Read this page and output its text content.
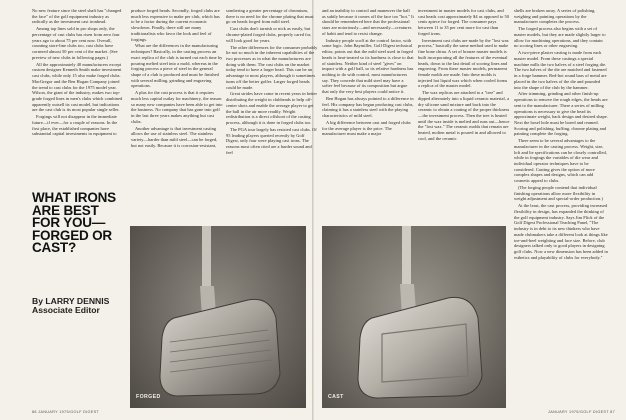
No new feature since the steel shaft has "changed the face" of the golf equipment industry as radically as the investment cast ironhead.

Among top lines sold in pro shops only, the percentage of cast clubs has risen from zero four years ago to about 75 per cent now. Overall, counting store-line clubs too, cast clubs have cornered almost 50 per cent of the market. (See preview of new clubs in following pages.)

All the approximately 40 manufacturers except custom designer Kenneth Smith make investment cast clubs, while only 15 also make forged clubs. MacGregor and the Ben Hogan Company joined the trend to cast clubs for the 1975 model year. Wilson, the giant of the industry, makes two top-grade forged lines in men's clubs which combined apparently outsell its cast model, but indications are the cast club is its most popular single seller.

Forgings will not disappear in the immediate future—if ever—for a couple of reasons. In the first place, the established companies have substantial capital investments in equipment to

produce forged heads. Secondly, forged clubs are much less expensive to make per club, which has to be a factor during the current economic slowdown. Finally, there still are many traditionalists who favor the look and feel of forgings.

What are the differences in the manufacturing techniques? Basically, in the casting process an exact replica of the club is turned out each time by pouring melted steel into a mold, whereas in the forging process a piece of steel in the general shape of a club is produced and must be finished with several milling, grinding and engraving operations.

A plus for the cast process is that it requires much less capital outlay for machinery, the reason so many new companies have been able to get into the business. No company that has gone into golf in the last three years makes anything but cast clubs.

Another advantage is that investment casting allows the use of stainless steel. The stainless variety—harder than mild steel—can be forged, but not easily. Because it is corrosion-resistant,

sombering a greater percentage of chromium, there is no need for the chrome plating that must go on heads forged from mild steel.

Cast clubs don't tarnish or nick as easily, but chrome-plated forged clubs, properly cared for, will look good for years.

The other differences for the consumer probably lie not so much in the inherent capabilities of the two processes as in what the manufacturers are doing with them. The cast clubs on the market today tend to have a larger head. This can be an advantage to most players, although it sometimes turns off the better golfer. Larger forged heads could be made.

Great strides have come in recent years in better distributing the weight in clubheads to help off-center shots and enable the average player to get the ball in the air more readily. Weight redistribution is a direct offshoot of the casting process, although it is done in forged clubs too.

The PGA tour largely has resisted cast clubs. Of 95 leading players queried recently by Golf Digest, only four were playing cast irons. The reasons most often cited are a harder sound and feel

and an inability to control and maneuver the ball as subtly because it comes off the face too "hot." It should be remembered here that the professional stars are notoriously—and necessarily—creatures of habit and tend to resist change.

Industry people scoff at the control factor, with some logic. John Baymiller, Golf Digest technical editor, points out that the mild steel used in forged heads is heat-treated so its hardness is close to that of stainless. Neither kind of steel "gives" on impact with a golf ball, so its relative hardness has nothing to do with control, most manufacturers say. They concede that mild steel may have a softer feel because of its composition but argue that only the very best players could notice it.

Ben Hogan has always pointed to a difference in feel. His company has begun producing cast clubs, claiming it has a stainless steel with the playing characteristics of mild steel.

A big difference between cast and forged clubs for the average player is the price. The manufacturer must make a major

investment in master models for cast clubs, and cast heads cost approximately $4 as opposed to 50 cents apiece for forged. The consumer pays between 11 to 35 per cent more for cast than forged irons.

Investment cast clubs are made by the "lost wax process," basically the same method used to make fine bone china. A set of bronze master models is built incorporating all the features of the eventual heads, down to the last detail of scoring lines and engraving. From these master models, permanent female molds are made. Into these molds is injected hot liquid wax which when cooled forms a replica of the master model.

The wax replicas are attached to a "tree" and dipped alternately into a liquid ceramic material, a dry silicone sand mixture and back into the ceramic to obtain a coating of the proper thickness—the investment process. Then the tree is heated until the wax inside is melted and runs out—hence the "lost wax." The ceramic molds that remain are heated, molten metal is poured in and allowed to cool, and the ceramic

shells are broken away. A series of polishing, weighing and painting operations by the manufacturer completes the process.

The forged process also begins with a set of master models, but they are made slightly larger to allow for machining operations, and they contain no scoring lines or other engraving.

A two-piece plaster casting is made from each master model. From these castings a special machine mills the two halves of a steel forging die. The two halves of the die are matched and fastened in a forge hammer. Red-hot round bars of metal are placed in the two halves of the die and pounded into the shape of the club by the hammer.

After trimming, grinding and other finish-up operations to remove the rough edges, the heads are sent to the manufacturer. There a series of milling operations is necessary to give the head its approximate weight, back design and desired shape. Next the hosel hole must be bored and reamed. Scoring and polishing, buffing, chrome plating and painting complete the forging.

There seem to be several advantages to the manufacturer in the casting process. Weight, size, loft and lie specifications can be closely controlled, while in forgings the variables of die wear and individual operator techniques have to be considered. Casting gives the option of more complex shapes and designs, which can add cosmetic appeal to clubs.

(The forging people contend that individual finishing operations allow more flexibility in weight adjustment and special-order production.)

At the least, the cast process, providing increased flexibility in design, has expanded the thinking of the golf equipment industry. Says Jim Flick of the Golf Digest Professional Teaching Panel, "The industry is in debt to its new thinkers who have made clubmakers take a different look at things like toe-and-heel weighting and face size. Before, club designers talked only to good players in designing golf clubs. Now a new dimension has been added in esthetics and playability of clubs for everybody."

WHAT IRONS ARE BEST FOR YOU— FORGED OR CAST?
By LARRY DENNIS
Associate Editor
FORGED	CAST
86 JANUARY 1975/GOLF DIGEST	JANUARY 1975/GOLF DIGEST 87
